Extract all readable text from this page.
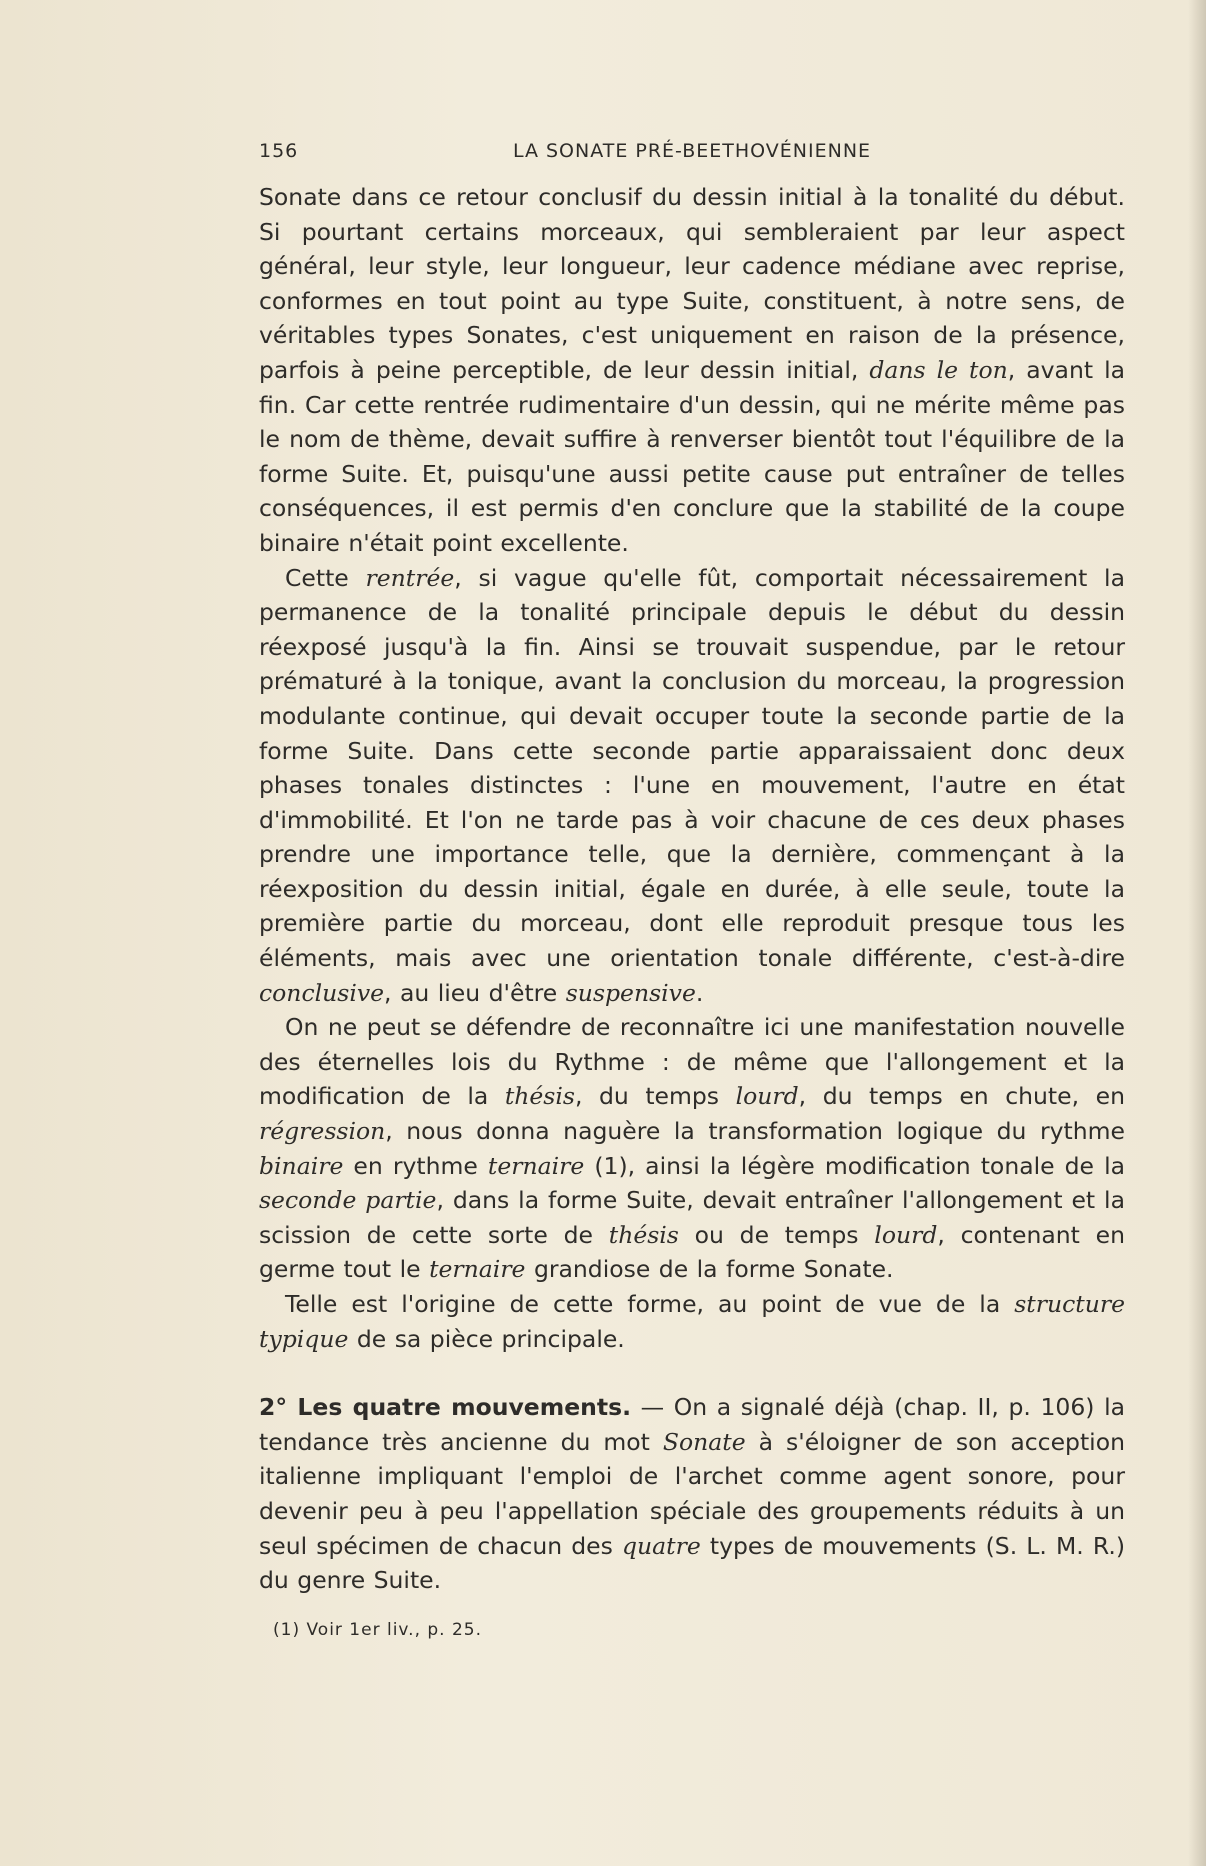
156	LA SONATE PRÉ-BEETHOVÉNIENNE

Sonate dans ce retour conclusif du dessin initial à la tonalité du début. Si pourtant certains morceaux, qui sembleraient par leur aspect général, leur style, leur longueur, leur cadence médiane avec reprise, conformes en tout point au type Suite, constituent, à notre sens, de véritables types Sonates, c'est uniquement en raison de la présence, parfois à peine perceptible, de leur dessin initial, dans le ton, avant la fin. Car cette rentrée rudimentaire d'un dessin, qui ne mérite même pas le nom de thème, devait suffire à renverser bientôt tout l'équilibre de la forme Suite. Et, puisqu'une aussi petite cause put entraîner de telles conséquences, il est permis d'en conclure que la stabilité de la coupe binaire n'était point excellente.

Cette rentrée, si vague qu'elle fût, comportait nécessairement la permanence de la tonalité principale depuis le début du dessin réexposé jusqu'à la fin. Ainsi se trouvait suspendue, par le retour prématuré à la tonique, avant la conclusion du morceau, la progression modulante continue, qui devait occuper toute la seconde partie de la forme Suite. Dans cette seconde partie apparaissaient donc deux phases tonales distinctes : l'une en mouvement, l'autre en état d'immobilité. Et l'on ne tarde pas à voir chacune de ces deux phases prendre une importance telle, que la dernière, commençant à la réexposition du dessin initial, égale en durée, à elle seule, toute la première partie du morceau, dont elle reproduit presque tous les éléments, mais avec une orientation tonale différente, c'est-à-dire conclusive, au lieu d'être suspensive.

On ne peut se défendre de reconnaître ici une manifestation nouvelle des éternelles lois du Rythme : de même que l'allongement et la modification de la thésis, du temps lourd, du temps en chute, en régression, nous donna naguère la transformation logique du rythme binaire en rythme ternaire (1), ainsi la légère modification tonale de la seconde partie, dans la forme Suite, devait entraîner l'allongement et la scission de cette sorte de thésis ou de temps lourd, contenant en germe tout le ternaire grandiose de la forme Sonate.

Telle est l'origine de cette forme, au point de vue de la structure typique de sa pièce principale.

2° Les quatre mouvements. — On a signalé déjà (chap. II, p. 106) la tendance très ancienne du mot Sonate à s'éloigner de son acception italienne impliquant l'emploi de l'archet comme agent sonore, pour devenir peu à peu l'appellation spéciale des groupements réduits à un seul spécimen de chacun des quatre types de mouvements (S. L. M. R.) du genre Suite.

(1) Voir 1er liv., p. 25.
